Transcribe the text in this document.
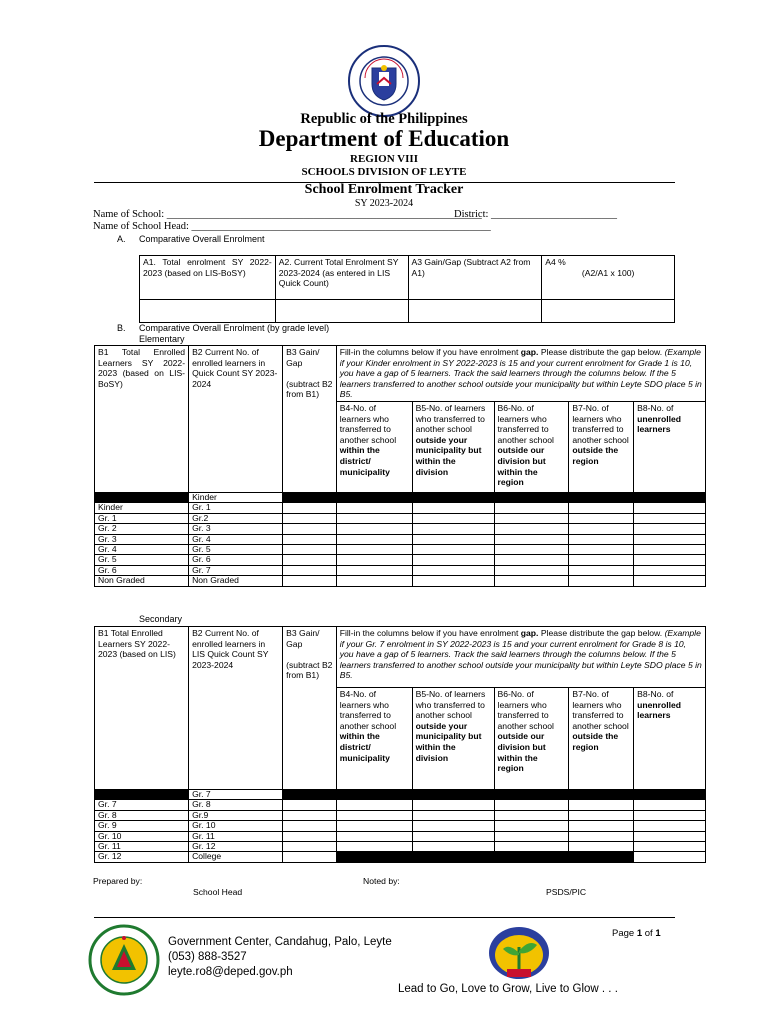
Republic of the Philippines
Department of Education
REGION VIII
SCHOOLS DIVISION OF LEYTE
School Enrolment Tracker
SY 2023-2024
Name of School: ____________________________________________________________
District: ________________________
Name of School Head: _________________________________________________________
A. Comparative Overall Enrolment
A1. Total enrolment SY 2022-2023 (based on LIS-BoSY)	A2. Current Total Enrolment SY 2023-2024 (as entered in LIS Quick Count)	A3 Gain/Gap (Subtract A2 from A1)	A4 %
(A2/A1 x 100)

B. Comparative Overall Enrolment (by grade level)
Elementary
B1 Total Enrolled Learners SY 2022-2023 (based on LIS-BoSY)	B2 Current No. of enrolled learners in Quick Count SY 2023-2024	B3 Gain/ Gap

(subtract B2 from B1)	Fill-in the columns below if you have enrolment gap. Please distribute the gap below. (Example if your Kinder enrolment in SY 2022-2023 is 15 and your current enrolment for Grade 1 is 10, you have a gap of 5 learners. Track the said learners through the columns below. If the 5 learners transferred to another school outside your municipality but within Leyte SDO place 5 in B5.				
			B4-No. of learners who transferred to another school within the district/ municipality	B5-No. of learners who transferred to another school outside your municipality but within the division	B6-No. of learners who transferred to another school outside our division but within the region	B7-No. of learners who transferred to another school outside the region	B8-No. of unenrolled learners
	Kinder						
Kinder	Gr. 1						
Gr. 1	Gr.2						
Gr. 2	Gr. 3						
Gr. 3	Gr. 4						
Gr. 4	Gr. 5						
Gr. 5	Gr. 6						
Gr. 6	Gr. 7						
Non Graded	Non Graded						
Secondary
B1 Total Enrolled Learners SY 2022-2023 (based on LIS)	B2 Current No. of enrolled learners in LIS Quick Count SY 2023-2024	B3 Gain/ Gap

(subtract B2 from B1)	Fill-in the columns below if you have enrolment gap. Please distribute the gap below. (Example if your Gr. 7 enrolment in SY 2022-2023 is 15 and your current enrolment for Grade 8 is 10, you have a gap of 5 learners. Track the said learners through the columns below. If the 5 learners transferred to another school outside your municipality but within Leyte SDO place 5 in B5.				
			B4-No. of learners who transferred to another school within the district/ municipality	B5-No. of learners who transferred to another school outside your municipality but within the division	B6-No. of learners who transferred to another school outside our division but within the region	B7-No. of learners who transferred to another school outside the region	B8-No. of unenrolled learners
	Gr. 7						
Gr. 7	Gr. 8						
Gr. 8	Gr.9						
Gr. 9	Gr. 10						
Gr. 10	Gr. 11						
Gr. 11	Gr. 12						
Gr. 12	College						
Prepared by:
School Head
Noted by:
PSDS/PIC
Government Center, Candahug, Palo, Leyte
(053) 888-3527
leyte.ro8@deped.gov.ph
Page 1 of 1
Lead to Go, Love to Grow, Live to Glow . . .
